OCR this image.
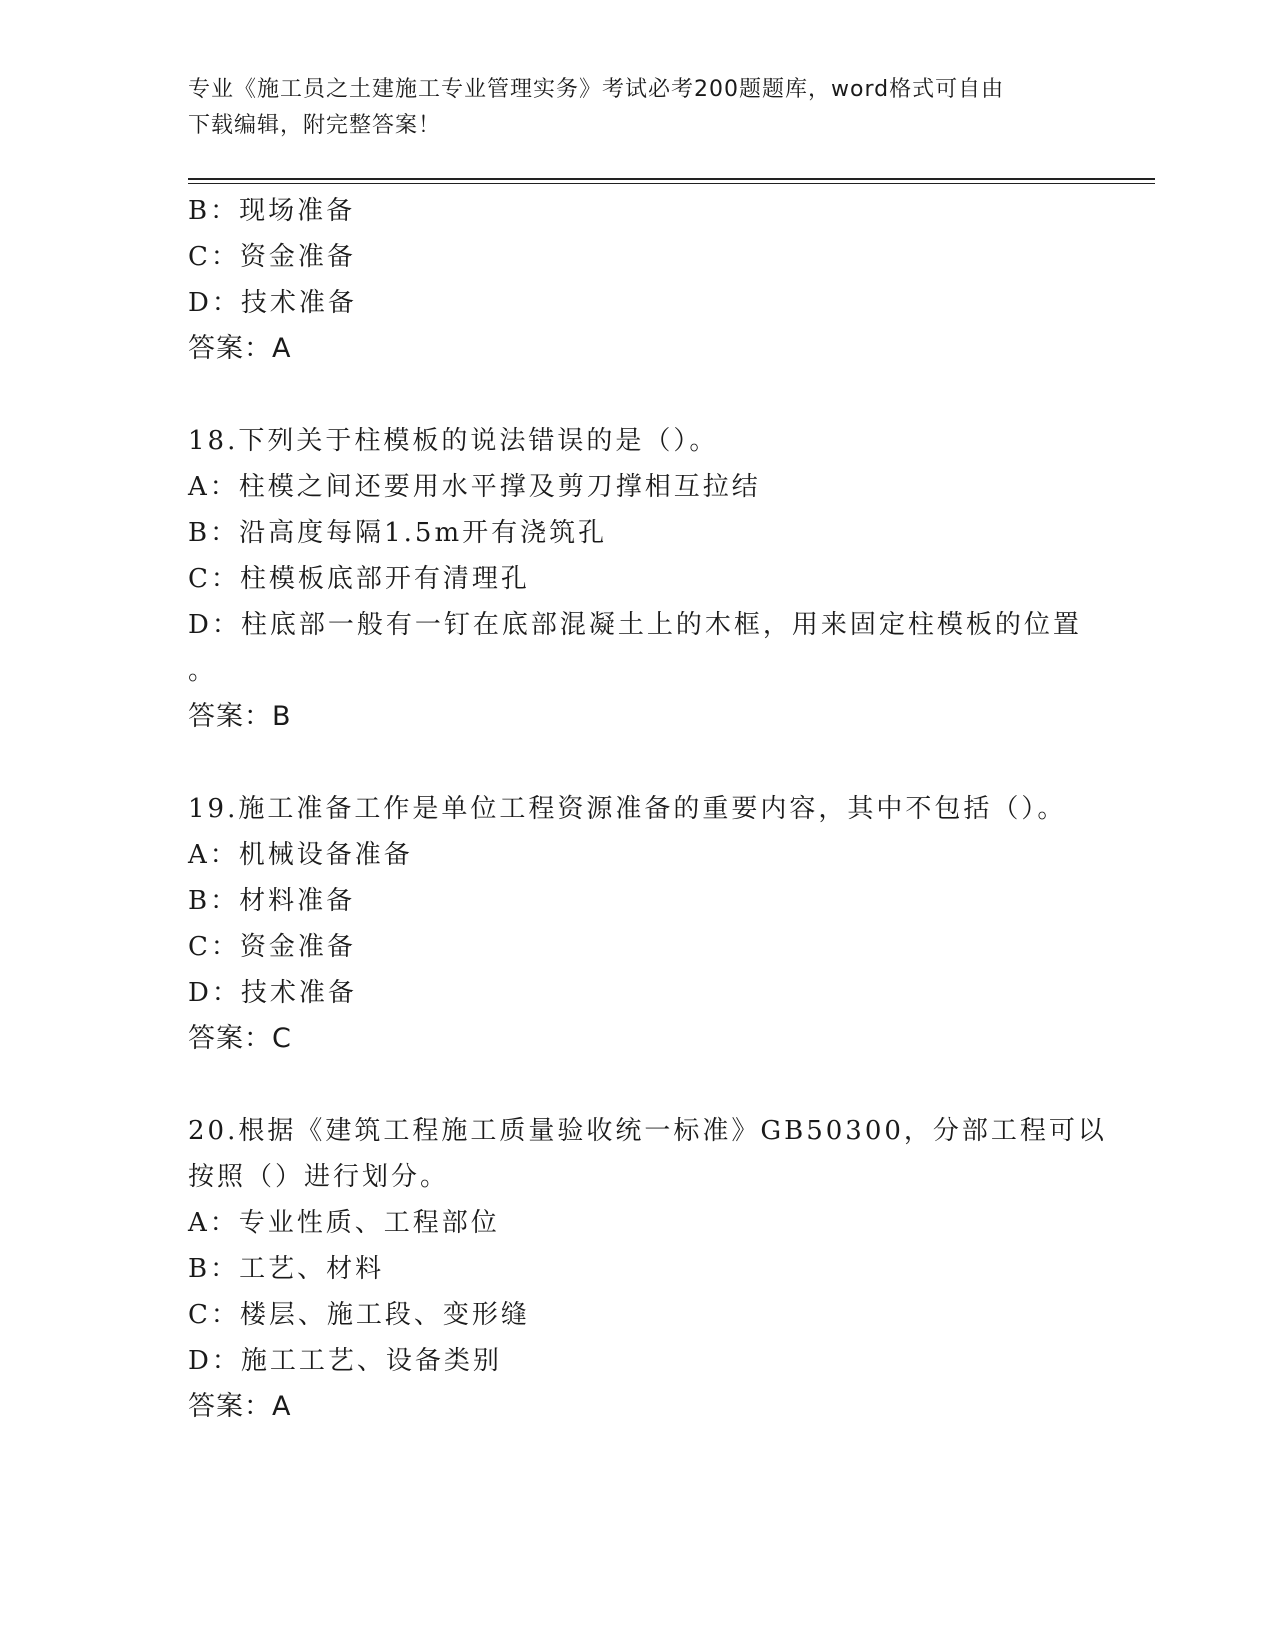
专业《施工员之土建施工专业管理实务》考试必考200题题库，word格式可自由
下载编辑，附完整答案！
B：现场准备
C：资金准备
D：技术准备
答案：A
18.下列关于柱模板的说法错误的是（）。
A：柱模之间还要用水平撑及剪刀撑相互拉结
B：沿高度每隔1.5m开有浇筑孔
C：柱模板底部开有清理孔
D：柱底部一般有一钉在底部混凝土上的木框，用来固定柱模板的位置
。
答案：B
19.施工准备工作是单位工程资源准备的重要内容，其中不包括（）。
A：机械设备准备
B：材料准备
C：资金准备
D：技术准备
答案：C
20.根据《建筑工程施工质量验收统一标准》GB50300，分部工程可以
按照（）进行划分。
A：专业性质、工程部位
B：工艺、材料
C：楼层、施工段、变形缝
D：施工工艺、设备类别
答案：A
